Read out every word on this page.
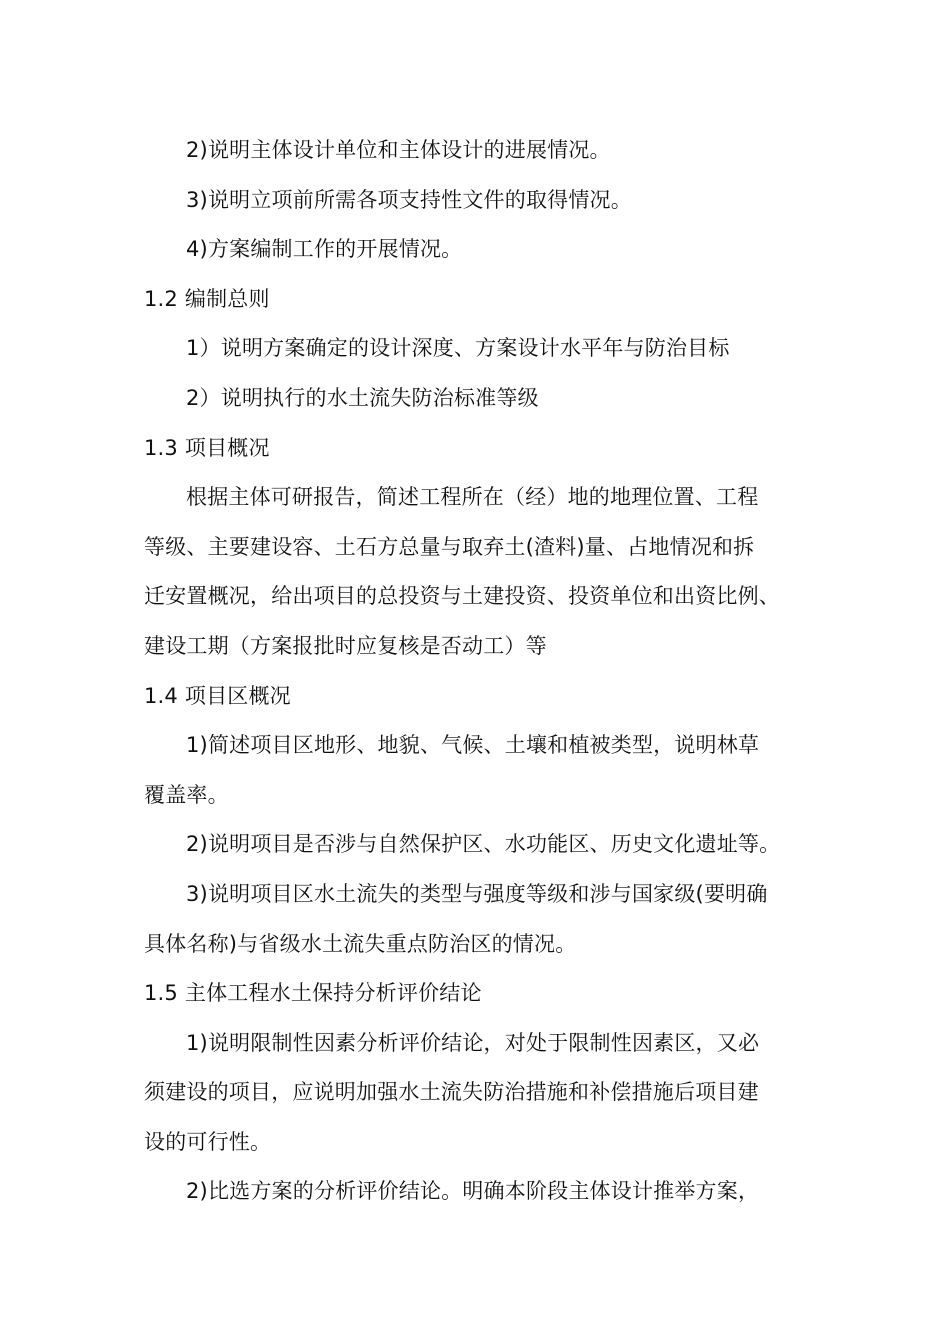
2)说明主体设计单位和主体设计的进展情况。
3)说明立项前所需各项支持性文件的取得情况。
4)方案编制工作的开展情况。
1.2 编制总则
1）说明方案确定的设计深度、方案设计水平年与防治目标
2）说明执行的水土流失防治标准等级
1.3 项目概况
根据主体可研报告，简述工程所在（经）地的地理位置、工程
等级、主要建设容、土石方总量与取弃土(渣料)量、占地情况和拆
迁安置概况，给出项目的总投资与土建投资、投资单位和出资比例、
建设工期（方案报批时应复核是否动工）等
1.4 项目区概况
1)简述项目区地形、地貌、气候、土壤和植被类型，说明林草
覆盖率。
2)说明项目是否涉与自然保护区、水功能区、历史文化遗址等。
3)说明项目区水土流失的类型与强度等级和涉与国家级(要明确
具体名称)与省级水土流失重点防治区的情况。
1.5 主体工程水土保持分析评价结论
1)说明限制性因素分析评价结论，对处于限制性因素区，又必
须建设的项目，应说明加强水土流失防治措施和补偿措施后项目建
设的可行性。
2)比选方案的分析评价结论。明确本阶段主体设计推举方案，
